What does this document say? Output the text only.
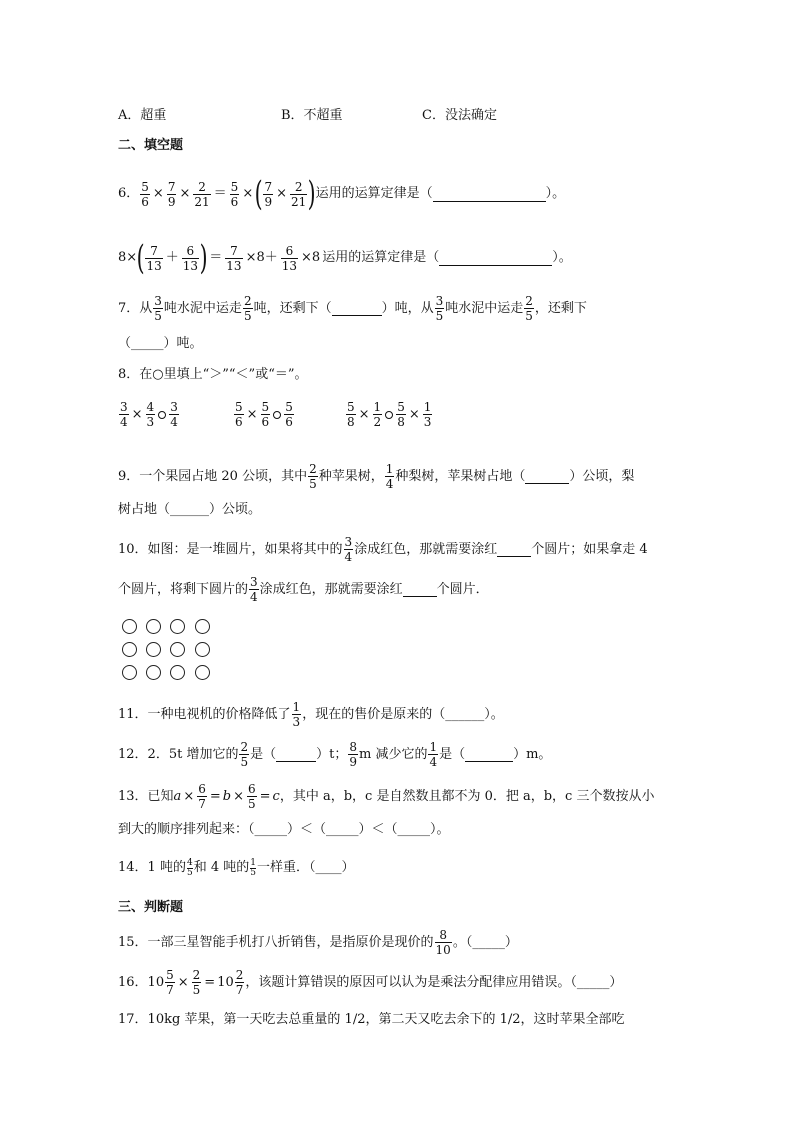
A．超重	B．不超重	C．没法确定
二、填空题
6． $\frac{5}{6} \times \frac{7}{9} \times \frac{2}{21} = \frac{5}{6}$ × ( $\frac{7}{9} \times \frac{2}{21}$ ) 运用的运算定律是（	）。
8× ( $\frac{7}{13} + \frac{6}{13}$ ) ＝ $\frac{7}{13} \times 8+ \frac{6}{13} \times 8$ 运用的运算定律是（	）。
7．从 $\frac{3}{5}$ 吨水泥中运走 $\frac{2}{5}$ 吨，还剩下（	）吨，从 $\frac{3}{5}$ 吨水泥中运走 $\frac{2}{5}$ ，还剩下
（_____）吨。
8．在○里填上“＞”“＜”或“＝”。
$\frac{3}{4} \times \frac{4}{3} \frac{3}{4}$	$\frac{5}{6} \times \frac{5}{6} \frac{5}{6}$	$\frac{5}{8} \times \frac{1}{2} \frac{5}{8} \times \frac{1}{3}$
9．一个果园占地 20 公顷，其中 $\frac{2}{5}$ 种苹果树， $\frac{1}{4}$ 种梨树，苹果树占地（	）公顷，梨
树占地（______）公顷。
10．如图：是一堆圆片，如果将其中的 $\frac{3}{4}$ 涂成红色，那就需要涂红	个圆片；如果拿走 4
个圆片，将剩下圆片的 $\frac{3}{4}$ 涂成红色，那就需要涂红	个圆片．
11．一种电视机的价格降低了 $\frac{1}{3}$ ，现在的售价是原来的（______）。
12．2．5t 增加它的 $\frac{2}{5}$ 是（	）t； $\frac{8}{9}$ m 减少它的 $\frac{1}{4}$ 是（	）m。
13．已知 $a \times \frac{6}{7} = b \times \frac{6}{5} = c$ ，其中 a，b，c 是自然数且都不为 0．把 a，b，c 三个数按从小
到大的顺序排列起来：（_____）＜（_____）＜（_____）。
14．1 吨的 $\frac{4}{5}$ 和 4 吨的 $\frac{1}{5}$ 一样重．（____）
三、判断题
15．一部三星智能手机打八折销售，是指原价是现价的 $\frac{8}{10}$ 。（_____）
16． $10 \frac{5}{7} \times \frac{2}{5} = 10 \frac{2}{7}$ ，该题计算错误的原因可以认为是乘法分配律应用错误。（_____）
17．10kg 苹果，第一天吃去总重量的 1/2，第二天又吃去余下的 1/2，这时苹果全部吃
